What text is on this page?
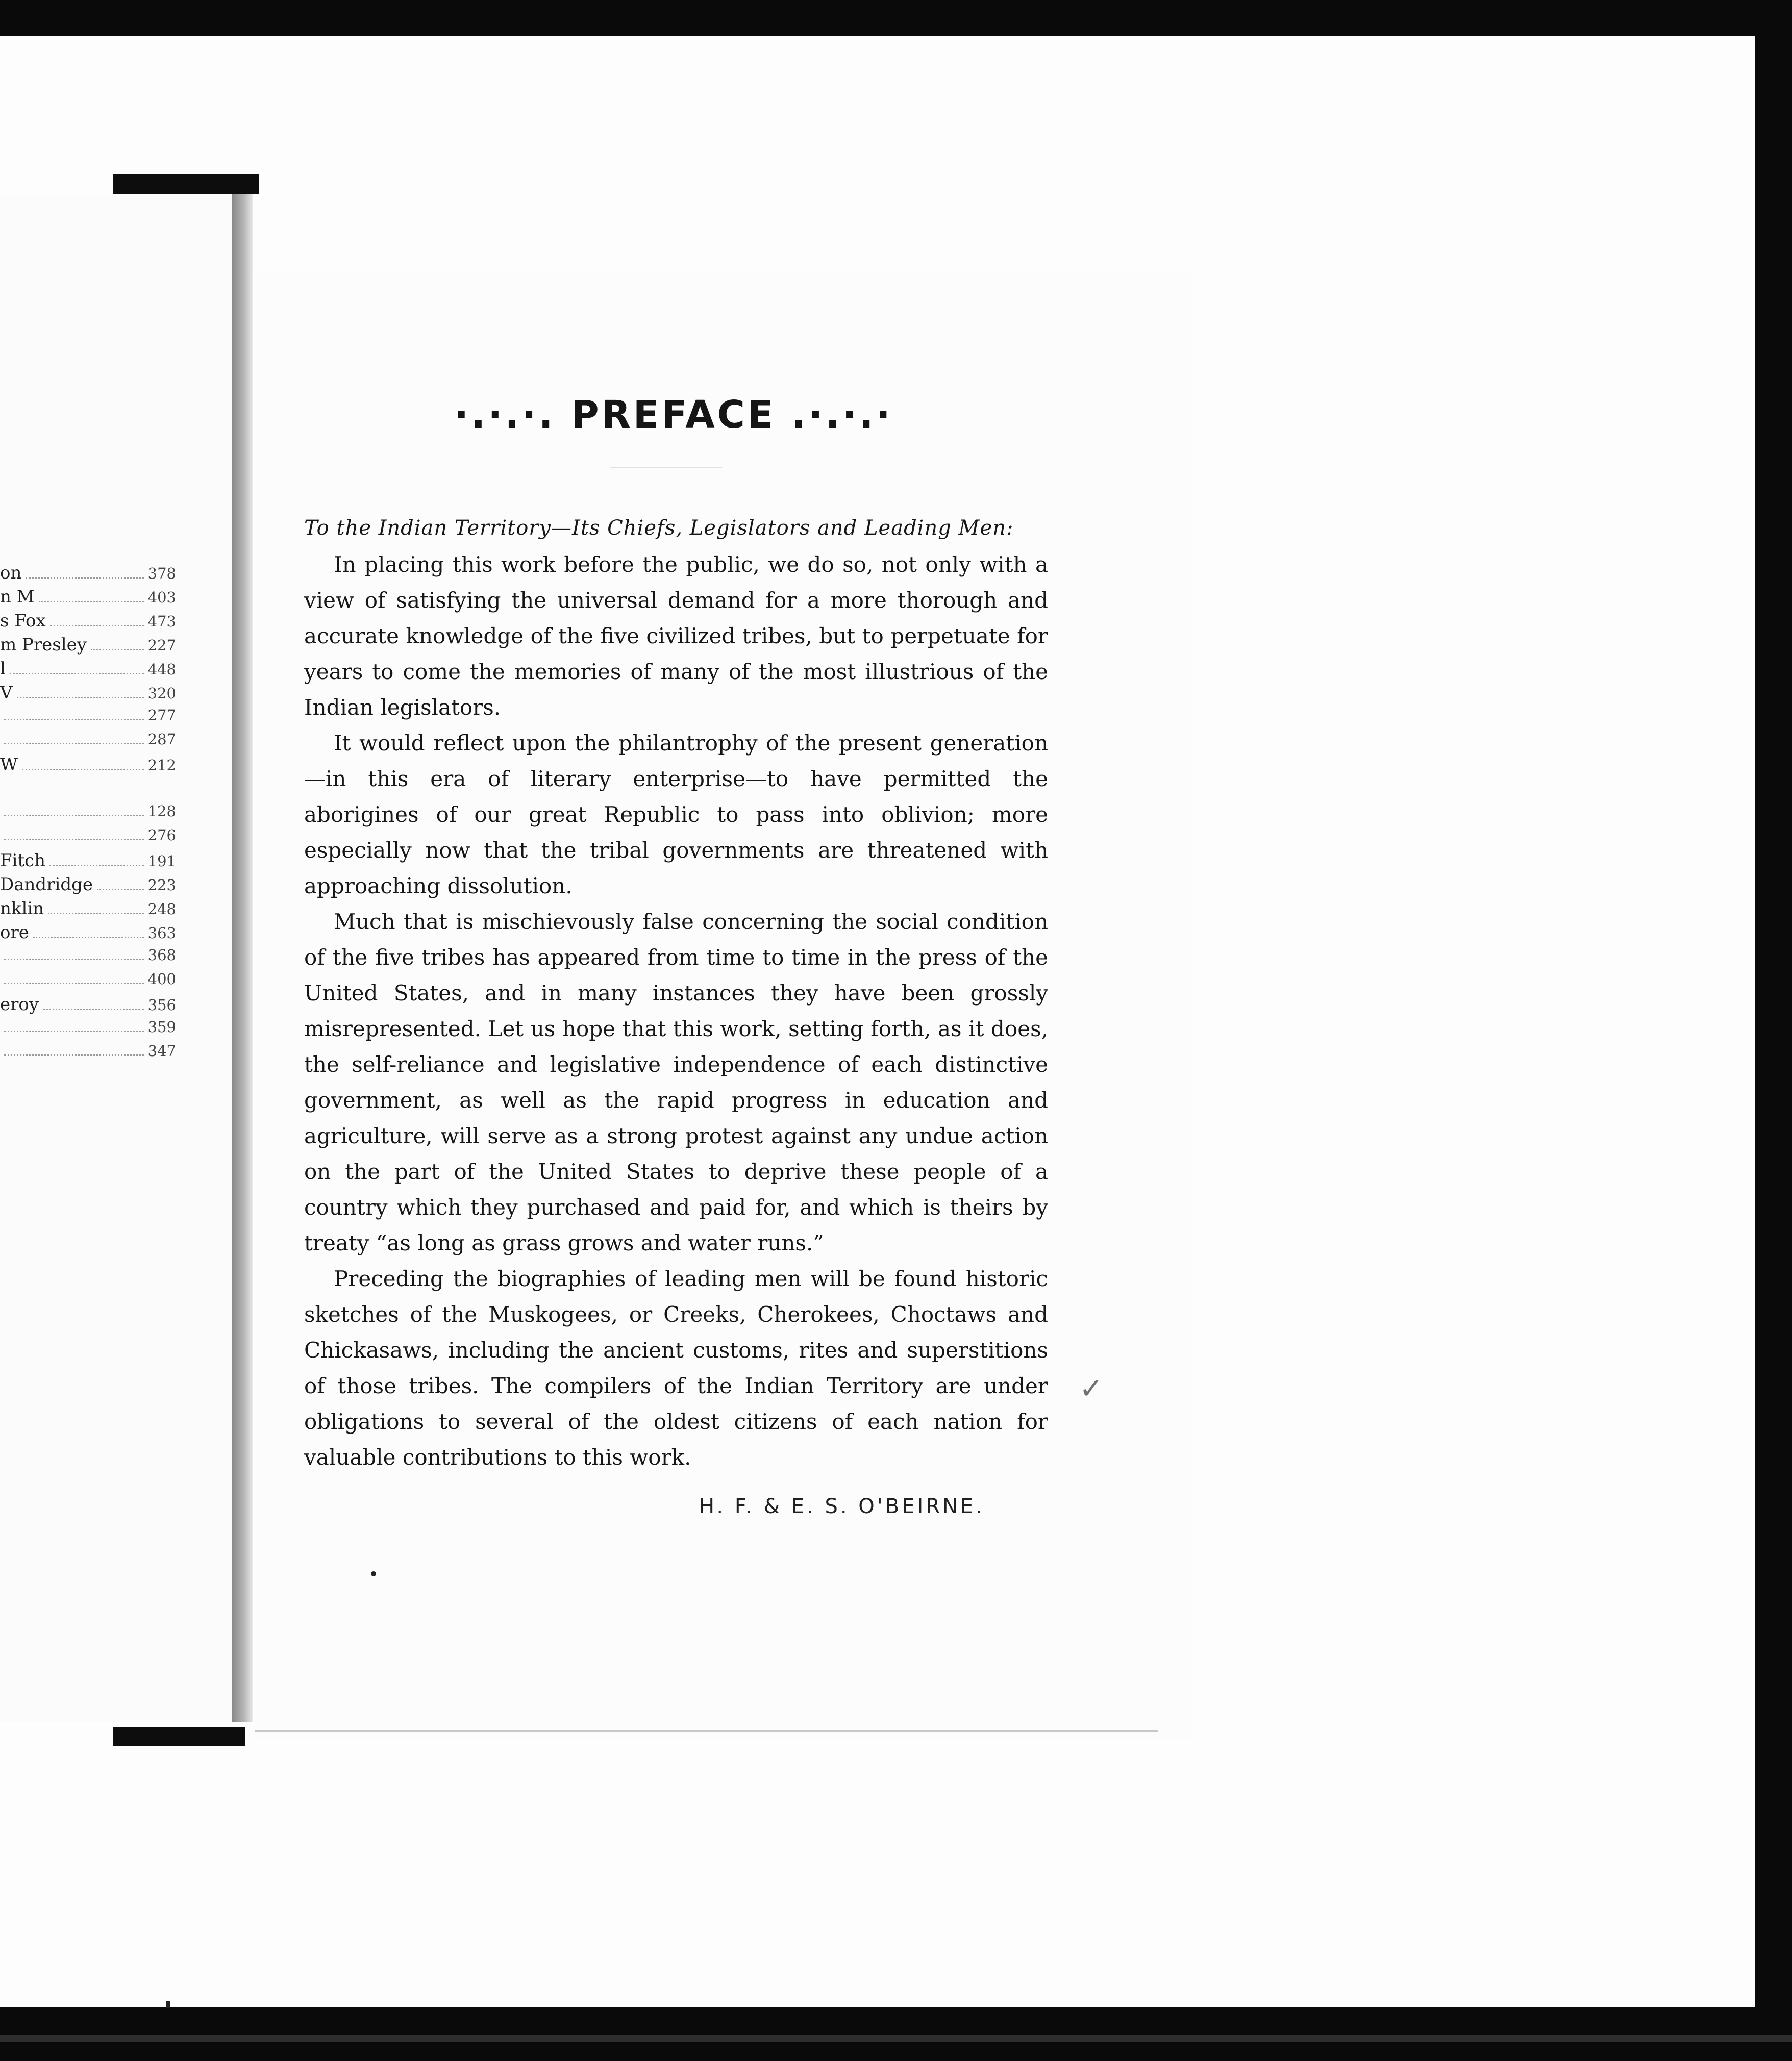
on	378
n M	403
s Fox	473
m Presley	227
l	448
V	320
277
287
W	212
128
276
Fitch	191
Dandridge	223
nklin	248
ore	363
368
400
eroy	356
359
347
·.·.·. PREFACE .·.·.·
To the Indian Territory—Its Chiefs, Legislators and Leading Men:

In placing this work before the public, we do so, not only with a view of satisfying the universal demand for a more thorough and accurate knowledge of the five civilized tribes, but to perpetuate for years to come the memories of many of the most illustrious of the Indian legislators.

It would reflect upon the philantrophy of the present generation—in this era of literary enterprise—to have permitted the aborigines of our great Republic to pass into oblivion; more especially now that the tribal governments are threatened with approaching dissolution.

Much that is mischievously false concerning the social condition of the five tribes has appeared from time to time in the press of the United States, and in many instances they have been grossly misrepresented. Let us hope that this work, setting forth, as it does, the self-reliance and legislative independence of each distinctive government, as well as the rapid progress in education and agriculture, will serve as a strong protest against any undue action on the part of the United States to deprive these people of a country which they purchased and paid for, and which is theirs by treaty “as long as grass grows and water runs.”

Preceding the biographies of leading men will be found historic sketches of the Muskogees, or Creeks, Cherokees, Choctaws and Chickasaws, including the ancient customs, rites and superstitions of those tribes. The compilers of the Indian Territory are under obligations to several of the oldest citizens of each nation for valuable contributions to this work.

H. F. & E. S. O'BEIRNE.
✓
